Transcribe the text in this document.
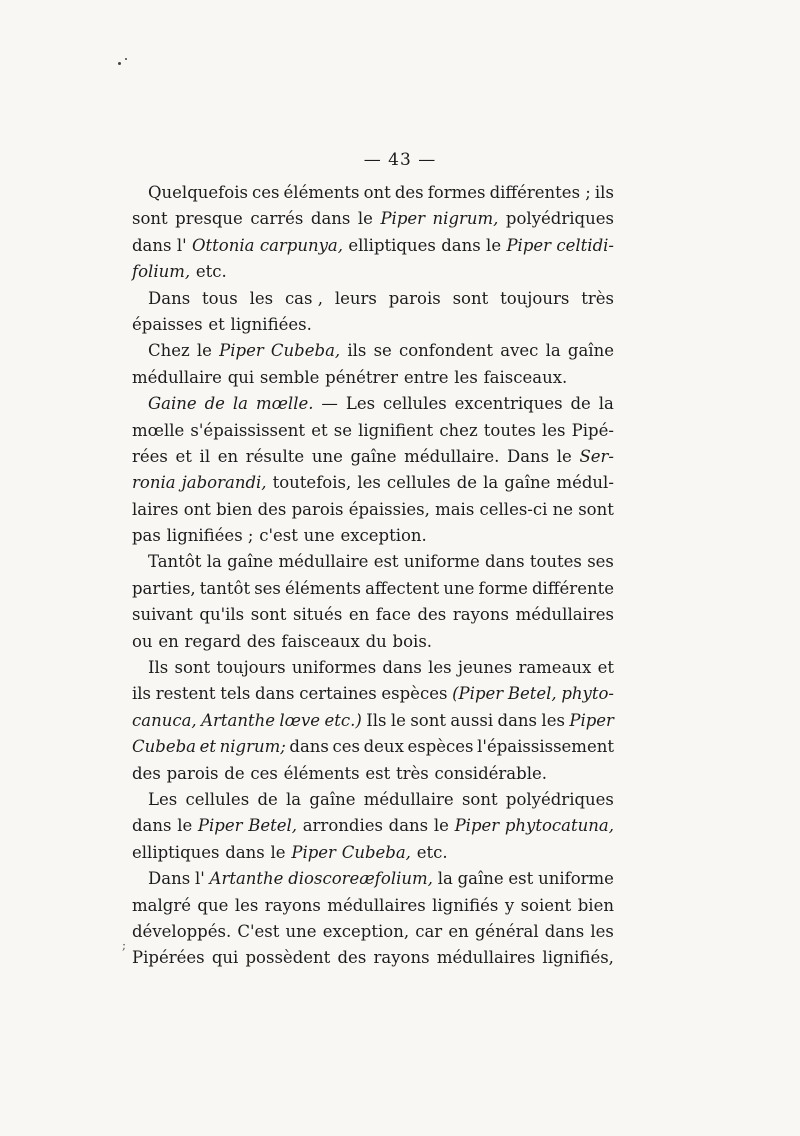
— 43 —
Quelquefois ces éléments ont des formes différentes ; ils
sont presque carrés dans le Piper nigrum, polyédriques
dans l' Ottonia carpunya, elliptiques dans le Piper celtidi-
folium, etc.
Dans tous les cas , leurs parois sont toujours très
épaisses et lignifiées.
Chez le Piper Cubeba, ils se confondent avec la gaîne
médullaire qui semble pénétrer entre les faisceaux.
Gaine de la mœlle. — Les cellules excentriques de la
mœlle s'épaississent et se lignifient chez toutes les Pipé-
rées et il en résulte une gaîne médullaire. Dans le Ser-
ronia jaborandi, toutefois, les cellules de la gaîne médul-
laires ont bien des parois épaissies, mais celles-ci ne sont
pas lignifiées ; c'est une exception.
Tantôt la gaîne médullaire est uniforme dans toutes ses
parties, tantôt ses éléments affectent une forme différente
suivant qu'ils sont situés en face des rayons médullaires
ou en regard des faisceaux du bois.
Ils sont toujours uniformes dans les jeunes rameaux et
ils restent tels dans certaines espèces (Piper Betel, phyto-
canuca, Artanthe lœve etc.) Ils le sont aussi dans les Piper
Cubeba et nigrum; dans ces deux espèces l'épaississement
des parois de ces éléments est très considérable.
Les cellules de la gaîne médullaire sont polyédriques
dans le Piper Betel, arrondies dans le Piper phytocatuna,
elliptiques dans le Piper Cubeba, etc.
Dans l' Artanthe dioscoreæfolium, la gaîne est uniforme
malgré que les rayons médullaires lignifiés y soient bien
développés. C'est une exception, car en général dans les
Pipérées qui possèdent des rayons médullaires lignifiés,
;
